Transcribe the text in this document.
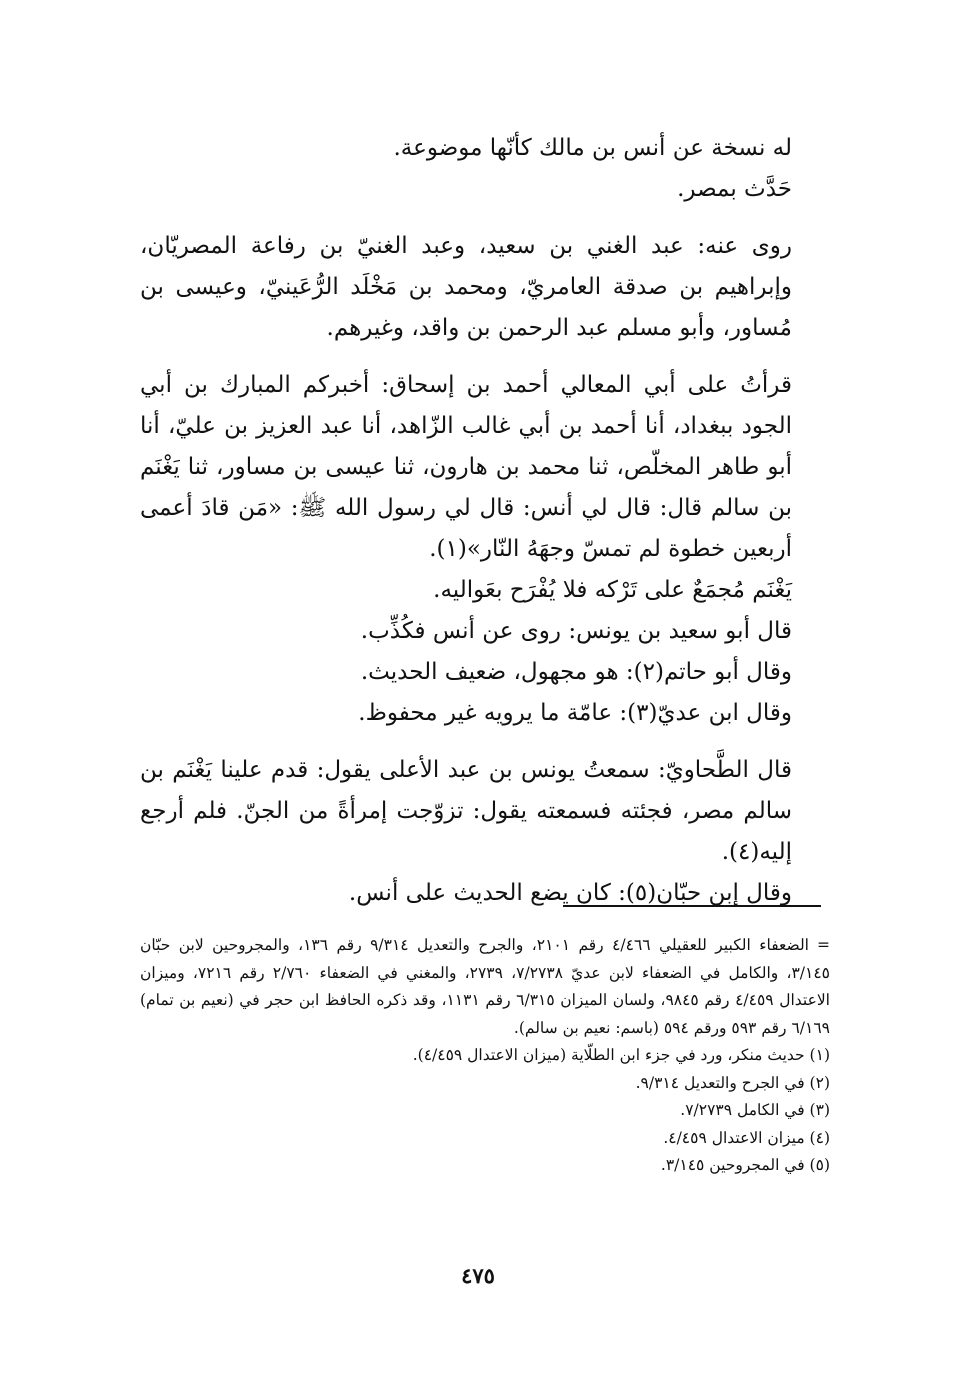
له نسخة عن أنس بن مالك كأنّها موضوعة.

حَدَّث بمصر.

روى عنه: عبد الغني بن سعيد، وعبد الغنيّ بن رفاعة المصريّان، وإبراهيم بن صدقة العامريّ، ومحمد بن مَخْلَد الرُّعَينيّ، وعيسى بن مُساور، وأبو مسلم عبد الرحمن بن واقد، وغيرهم.

قرأتُ على أبي المعالي أحمد بن إسحاق: أخبركم المبارك بن أبي الجود ببغداد، أنا أحمد بن أبي غالب الزّاهد، أنا عبد العزيز بن عليّ، أنا أبو طاهر المخلّص، ثنا محمد بن هارون، ثنا عيسى بن مساور، ثنا يَغْنَم بن سالم قال: قال لي أنس: قال لي رسول الله ﷺ: «مَن قادَ أعمى أربعين خطوة لم تمسّ وجهَهُ النّار»(١).

يَغْنَم مُجمَعٌ على تَرْكه فلا يُفْرَح بعَواليه.

قال أبو سعيد بن يونس: روى عن أنس فكُذِّب.

وقال أبو حاتم(٢): هو مجهول، ضعيف الحديث.

وقال ابن عديّ(٣): عامّة ما يرويه غير محفوظ.

قال الطَّحاويّ: سمعتُ يونس بن عبد الأعلى يقول: قدم علينا يَغْنَم بن سالم مصر، فجئته فسمعته يقول: تزوّجت إمرأةً من الجنّ. فلم أرجع إليه(٤).

وقال إبن حبّان(٥): كان يضع الحديث على أنس.

=الضعفاء الكبير للعقيلي ٤/٤٦٦ رقم ٢١٠١، والجرح والتعديل ٩/٣١٤ رقم ١٣٦، والمجروحين لابن حبّان ٣/١٤٥، والكامل في الضعفاء لابن عديّ ٧/٢٧٣٨، ٢٧٣٩، والمغني في الضعفاء ٢/٧٦٠ رقم ٧٢١٦، وميزان الاعتدال ٤/٤٥٩ رقم ٩٨٤٥، ولسان الميزان ٦/٣١٥ رقم ١١٣١، وقد ذكره الحافظ ابن حجر في (نعيم بن تمام) ٦/١٦٩ رقم ٥٩٣ ورقم ٥٩٤ (باسم: نعيم بن سالم).

(١) حديث منكر، ورد في جزء ابن الطلّاية (ميزان الاعتدال ٤/٤٥٩).

(٢) في الجرح والتعديل ٩/٣١٤.

(٣) في الكامل ٧/٢٧٣٩.

(٤) ميزان الاعتدال ٤/٤٥٩.

(٥) في المجروحين ٣/١٤٥.

٤٧٥
